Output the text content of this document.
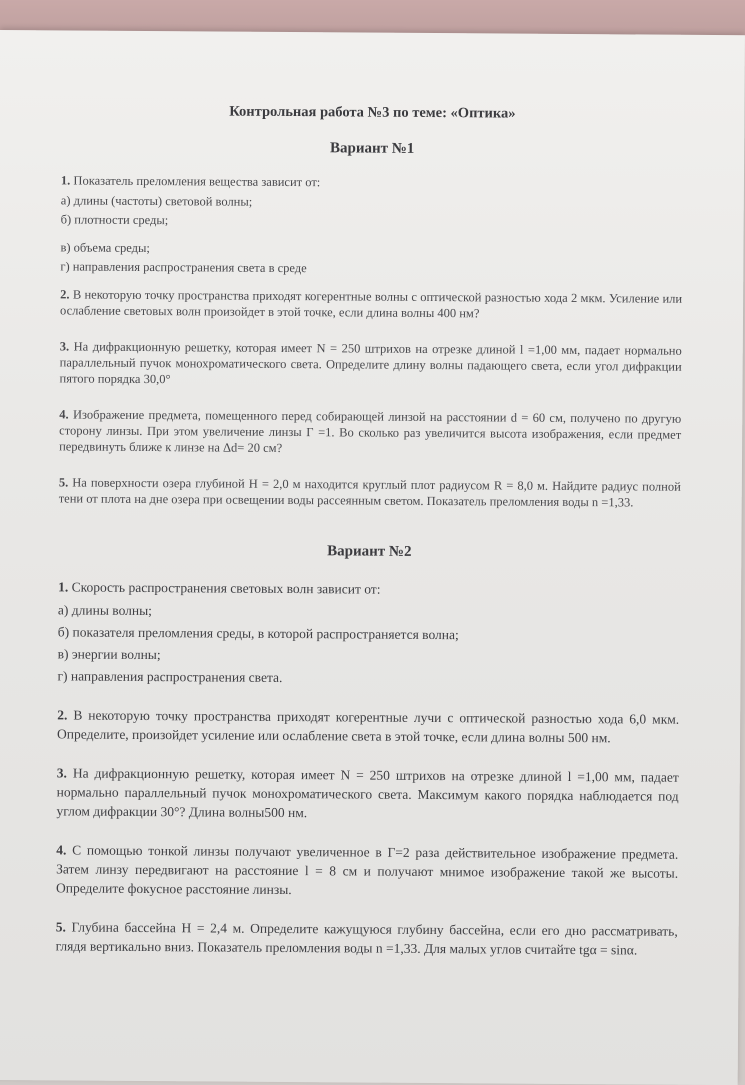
Контрольная работа №3 по теме: «Оптика»
Вариант №1

1. Показатель преломления вещества зависит от:

а) длины (частоты) световой волны;
б) плотности среды;
в) объема среды;
г) направления распространения света в среде

2. В некоторую точку пространства приходят когерентные волны с оптической разностью хода 2 мкм. Усиление или ослабление световых волн произойдет в этой точке, если длина волны 400 нм?

3. На дифракционную решетку, которая имеет N = 250 штрихов на отрезке длиной l =1,00 мм, падает нормально параллельный пучок монохроматического света. Определите длину волны падающего света, если угол дифракции пятого порядка 30,0°

4. Изображение предмета, помещенного перед собирающей линзой на расстоянии d = 60 см, получено по другую сторону линзы. При этом увеличение линзы Г =1. Во сколько раз увеличится высота изображения, если предмет передвинуть ближе к линзе на Δd= 20 см?

5. На поверхности озера глубиной H = 2,0 м находится круглый плот радиусом R = 8,0 м. Найдите радиус полной тени от плота на дне озера при освещении воды рассеянным светом. Показатель преломления воды n =1,33.

Вариант №2

1. Скорость распространения световых волн зависит от:

а) длины волны;
б) показателя преломления среды, в которой распространяется волна;
в) энергии волны;
г) направления распространения света.

2. В некоторую точку пространства приходят когерентные лучи с оптической разностью хода 6,0 мкм. Определите, произойдет усиление или ослабление света в этой точке, если длина волны 500 нм.

3. На дифракционную решетку, которая имеет N = 250 штрихов на отрезке длиной l =1,00 мм, падает нормально параллельный пучок монохроматического света. Максимум какого порядка наблюдается под углом дифракции 30°? Длина волны500 нм.

4. С помощью тонкой линзы получают увеличенное в Г=2 раза действительное изображение предмета. Затем линзу передвигают на расстояние l = 8 см и получают мнимое изображение такой же высоты. Определите фокусное расстояние линзы.

5. Глубина бассейна H = 2,4 м. Определите кажущуюся глубину бассейна, если его дно рассматривать, глядя вертикально вниз. Показатель преломления воды n =1,33. Для малых углов считайте tgα = sinα.
